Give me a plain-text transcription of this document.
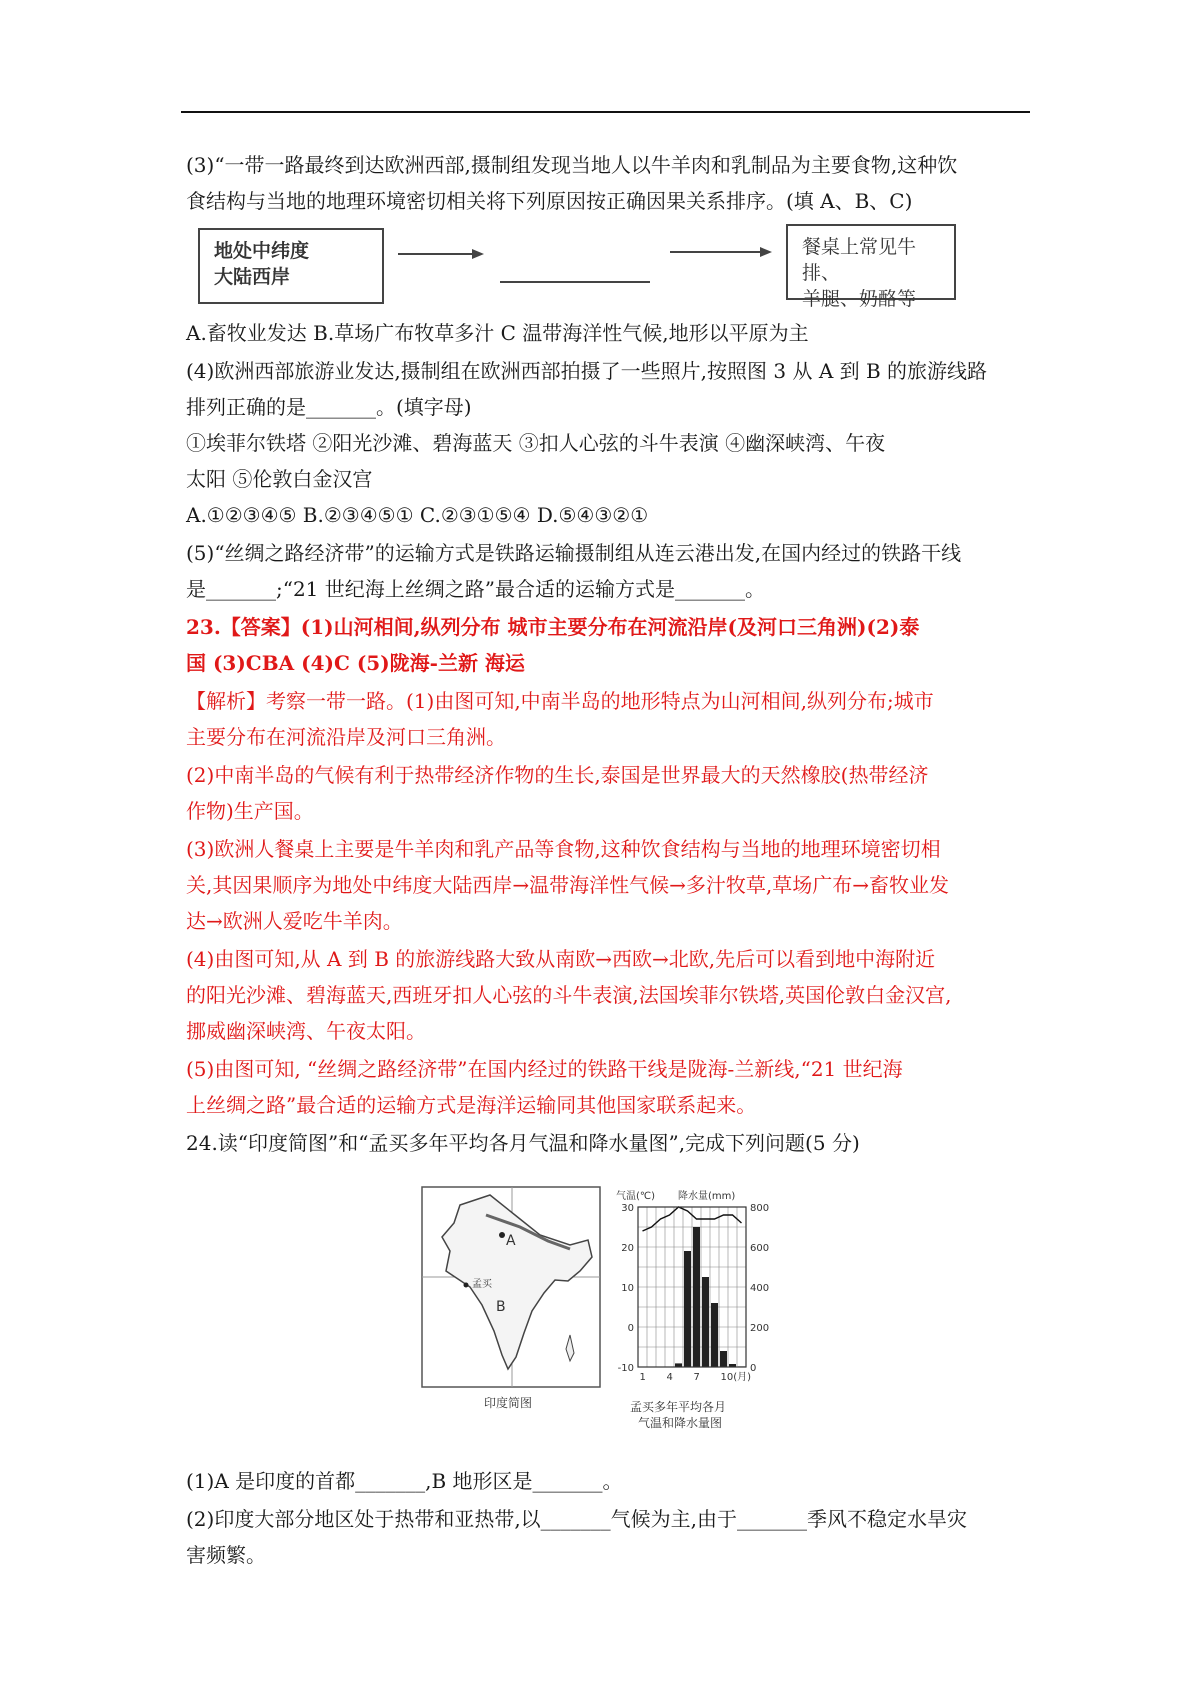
(3)“一带一路最终到达欧洲西部,摄制组发现当地人以牛羊肉和乳制品为主要食物,这种饮
食结构与当地的地理环境密切相关将下列原因按正确因果关系排序。(填 A、B、C)
地处中纬度
大陆西岸
餐桌上常见牛排、
羊腿、奶酪等
A.畜牧业发达 B.草场广布牧草多汁 C 温带海洋性气候,地形以平原为主
(4)欧洲西部旅游业发达,摄制组在欧洲西部拍摄了一些照片,按照图 3 从 A 到 B 的旅游线路
排列正确的是_______。(填字母)
①埃菲尔铁塔 ②阳光沙滩、碧海蓝天 ③扣人心弦的斗牛表演 ④幽深峡湾、午夜
太阳 ⑤伦敦白金汉宫
A.①②③④⑤ B.②③④⑤① C.②③①⑤④ D.⑤④③②①
(5)“丝绸之路经济带”的运输方式是铁路运输摄制组从连云港出发,在国内经过的铁路干线
是_______;“21 世纪海上丝绸之路”最合适的运输方式是_______。
23.【答案】(1)山河相间,纵列分布 城市主要分布在河流沿岸(及河口三角洲)(2)泰
国 (3)CBA (4)C (5)陇海-兰新 海运
【解析】考察一带一路。(1)由图可知,中南半岛的地形特点为山河相间,纵列分布;城市
主要分布在河流沿岸及河口三角洲。
(2)中南半岛的气候有利于热带经济作物的生长,泰国是世界最大的天然橡胶(热带经济
作物)生产国。
(3)欧洲人餐桌上主要是牛羊肉和乳产品等食物,这种饮食结构与当地的地理环境密切相
关,其因果顺序为地处中纬度大陆西岸→温带海洋性气候→多汁牧草,草场广布→畜牧业发
达→欧洲人爱吃牛羊肉。
(4)由图可知,从 A 到 B 的旅游线路大致从南欧→西欧→北欧,先后可以看到地中海附近
的阳光沙滩、碧海蓝天,西班牙扣人心弦的斗牛表演,法国埃菲尔铁塔,英国伦敦白金汉宫,
挪威幽深峡湾、午夜太阳。
(5)由图可知, “丝绸之路经济带”在国内经过的铁路干线是陇海-兰新线,“21 世纪海
上丝绸之路”最合适的运输方式是海洋运输同其他国家联系起来。
24.读“印度简图”和“孟买多年平均各月气温和降水量图”,完成下列问题(5 分)
A
孟买
B
印度简图
气温(℃) 降水量(mm)
孟买多年平均各月
气温和降水量图
-10
0
10
20
30
0
200
400
600
800
1 4 7 10(月)
(1)A 是印度的首都_______,B 地形区是_______。
(2)印度大部分地区处于热带和亚热带,以_______气候为主,由于_______季风不稳定水旱灾
害频繁。
